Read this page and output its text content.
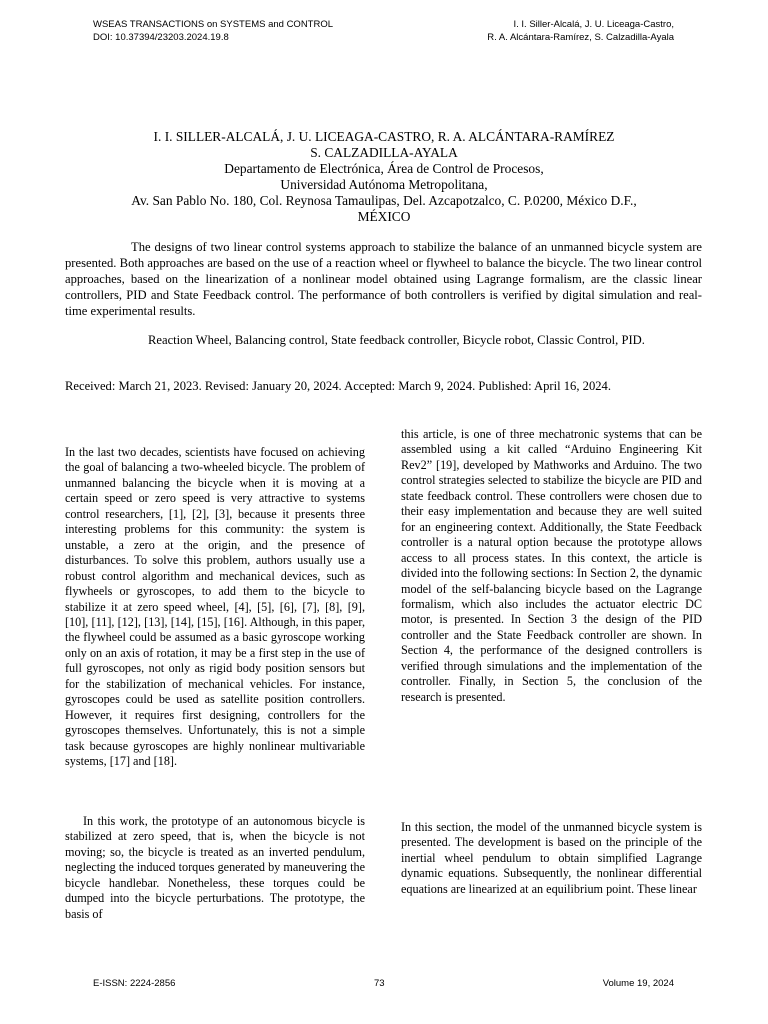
WSEAS TRANSACTIONS on SYSTEMS and CONTROL
DOI: 10.37394/23203.2024.19.8
I. I. Siller-Alcalá, J. U. Liceaga-Castro,
R. A. Alcántara-Ramírez, S. Calzadilla-Ayala
I. I. SILLER-ALCALÁ, J. U. LICEAGA-CASTRO, R. A. ALCÁNTARA-RAMÍREZ
S. CALZADILLA-AYALA
Departamento de Electrónica, Área de Control de Procesos,
Universidad Autónoma Metropolitana,
Av. San Pablo No. 180, Col. Reynosa Tamaulipas, Del. Azcapotzalco, C. P.0200, México D.F.,
MÉXICO

The designs of two linear control systems approach to stabilize the balance of an unmanned bicycle system are presented. Both approaches are based on the use of a reaction wheel or flywheel to balance the bicycle. The two linear control approaches, based on the linearization of a nonlinear model obtained using Lagrange formalism, are the classic linear controllers, PID and State Feedback control. The performance of both controllers is verified by digital simulation and real-time experimental results.

Reaction Wheel, Balancing control, State feedback controller, Bicycle robot, Classic Control, PID.

Received: March 21, 2023. Revised: January 20, 2024. Accepted: March 9, 2024. Published: April 16, 2024.

In the last two decades, scientists have focused on achieving the goal of balancing a two-wheeled bicycle. The problem of unmanned balancing the bicycle when it is moving at a certain speed or zero speed is very attractive to systems control researchers, [1], [2], [3], because it presents three interesting problems for this community: the system is unstable, a zero at the origin, and the presence of disturbances. To solve this problem, authors usually use a robust control algorithm and mechanical devices, such as flywheels or gyroscopes, to add them to the bicycle to stabilize it at zero speed wheel, [4], [5], [6], [7], [8], [9], [10], [11], [12], [13], [14], [15], [16]. Although, in this paper, the flywheel could be assumed as a basic gyroscope working only on an axis of rotation, it may be a first step in the use of full gyroscopes, not only as rigid body position sensors but for the stabilization of mechanical vehicles. For instance, gyroscopes could be used as satellite position controllers. However, it requires first designing, controllers for the gyroscopes themselves. Unfortunately, this is not a simple task because gyroscopes are highly nonlinear multivariable systems, [17] and [18].

In this work, the prototype of an autonomous bicycle is stabilized at zero speed, that is, when the bicycle is not moving; so, the bicycle is treated as an inverted pendulum, neglecting the induced torques generated by maneuvering the bicycle handlebar. Nonetheless, these torques could be dumped into the bicycle perturbations. The prototype, the basis of

this article, is one of three mechatronic systems that can be assembled using a kit called “Arduino Engineering Kit Rev2” [19], developed by Mathworks and Arduino. The two control strategies selected to stabilize the bicycle are PID and state feedback control. These controllers were chosen due to their easy implementation and because they are well suited for an engineering context. Additionally, the State Feedback controller is a natural option because the prototype allows access to all process states. In this context, the article is divided into the following sections: In Section 2, the dynamic model of the self-balancing bicycle based on the Lagrange formalism, which also includes the actuator electric DC motor, is presented. In Section 3 the design of the PID controller and the State Feedback controller are shown. In Section 4, the performance of the designed controllers is verified through simulations and the implementation of the controller. Finally, in Section 5, the conclusion of the research is presented.

In this section, the model of the unmanned bicycle system is presented. The development is based on the principle of the inertial wheel pendulum to obtain simplified Lagrange dynamic equations. Subsequently, the nonlinear differential equations are linearized at an equilibrium point. These linear

E-ISSN: 2224-2856	73	Volume 19, 2024
